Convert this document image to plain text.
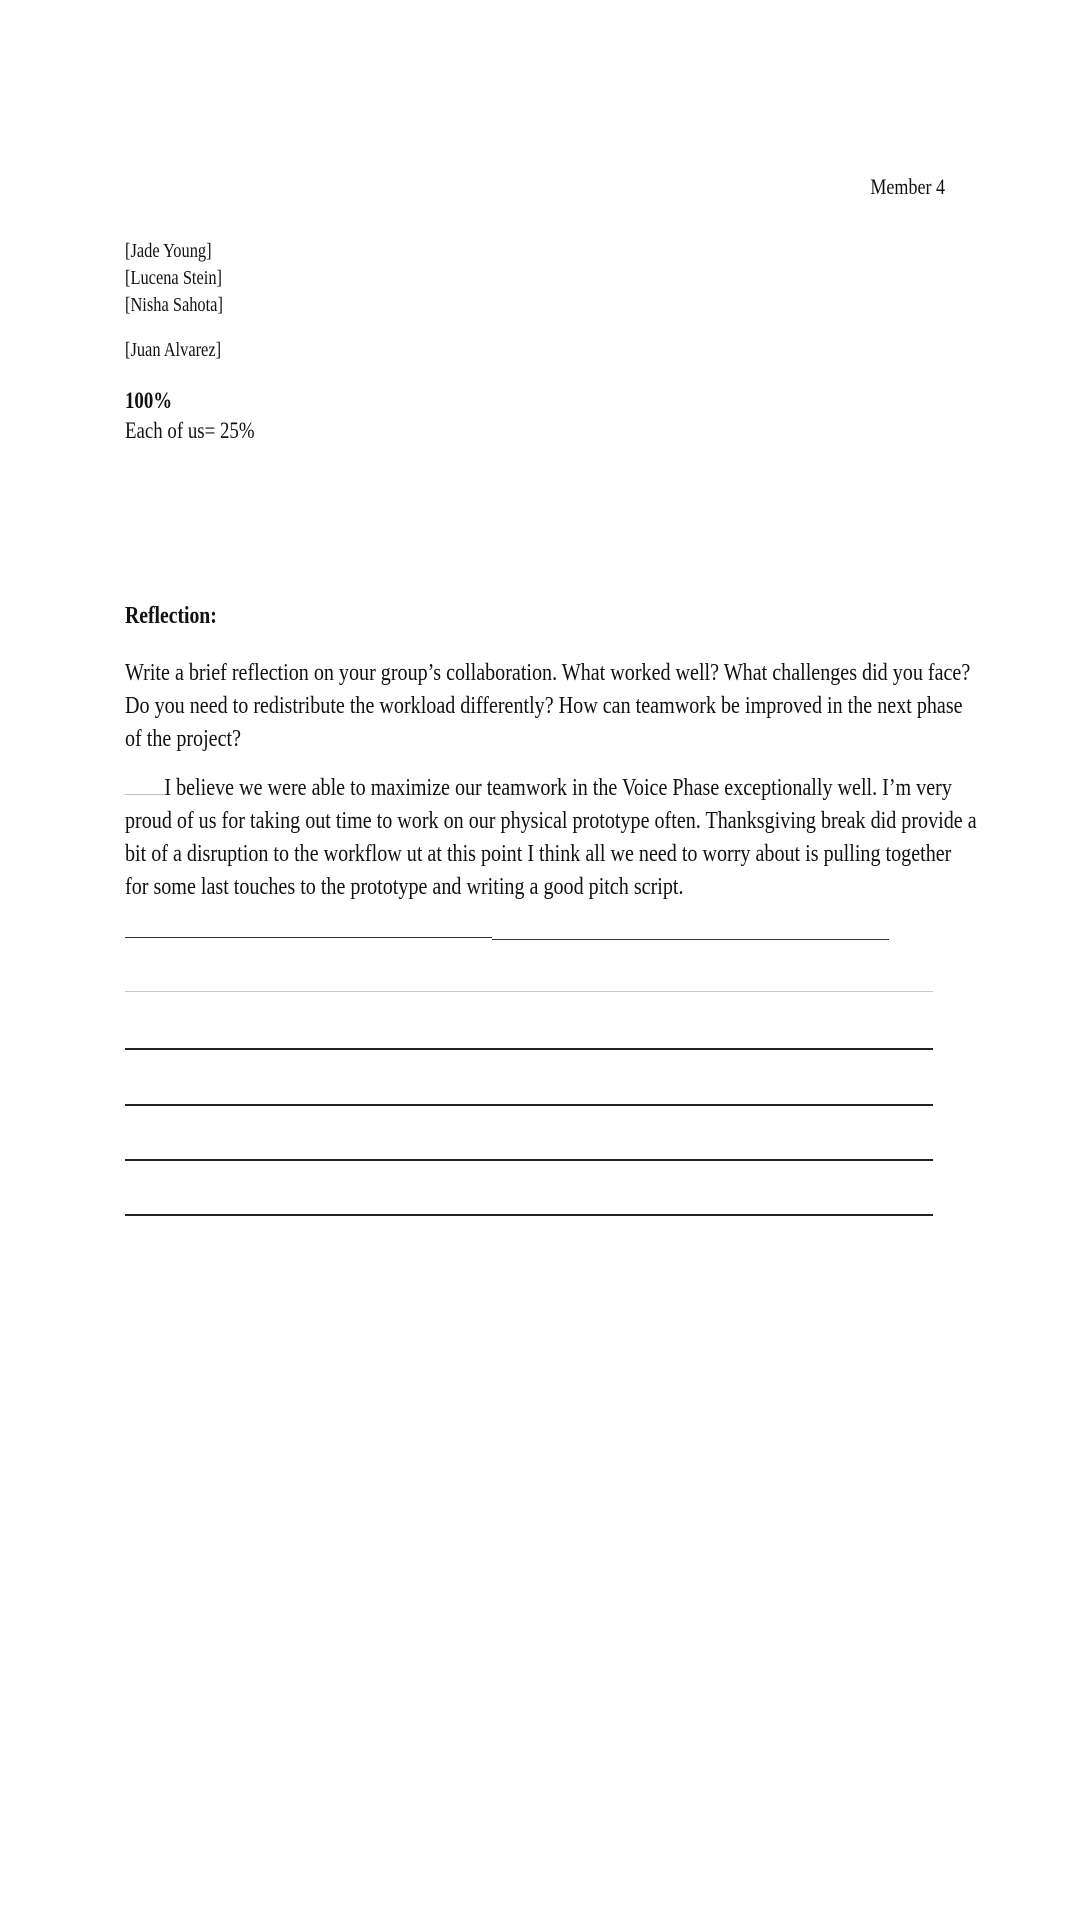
Member 4
[Jade Young]
[Lucena Stein]
[Nisha Sahota]
[Juan Alvarez]
100%
Each of us= 25%
Reflection:
Write a brief reflection on your group’s collaboration. What worked well? What challenges did you face?
Do you need to redistribute the workload differently? How can teamwork be improved in the next phase
of the project?
I believe we were able to maximize our teamwork in the Voice Phase exceptionally well. I’m very
proud of us for taking out time to work on our physical prototype often. Thanksgiving break did provide a
bit of a disruption to the workflow ut at this point I think all we need to worry about is pulling together
for some last touches to the prototype and writing a good pitch script.
